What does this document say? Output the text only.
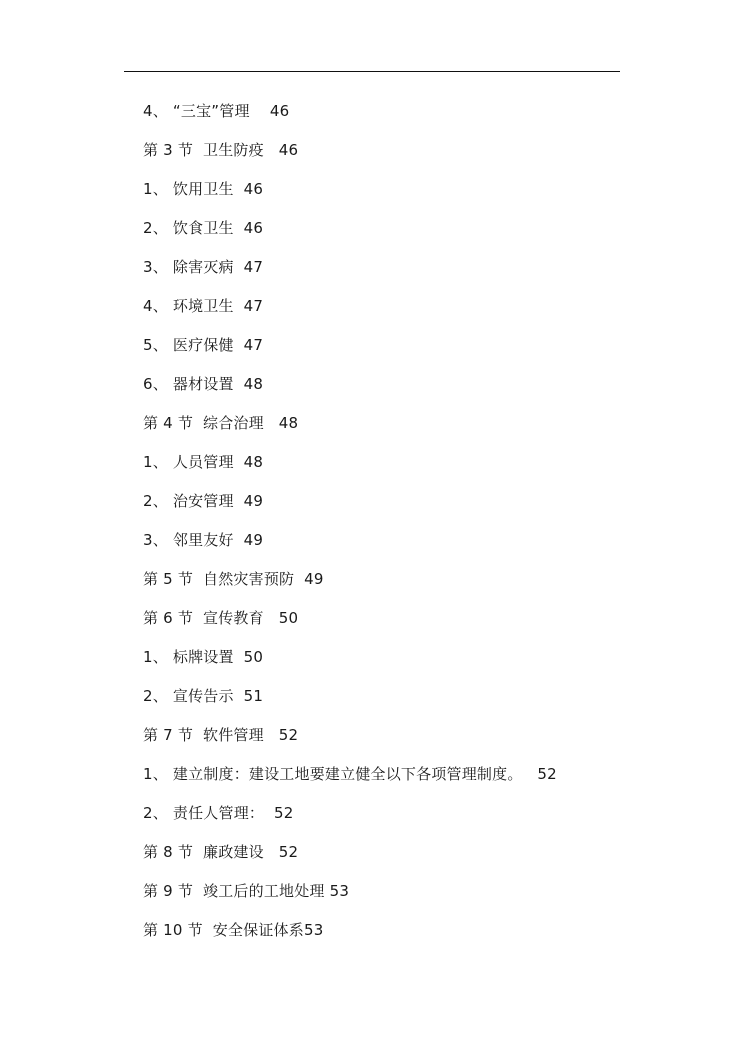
4、 “三宝”管理　 46
第 3 节  卫生防疫   46
1、 饮用卫生  46
2、 饮食卫生  46
3、 除害灭病  47
4、 环境卫生  47
5、 医疗保健  47
6、 器材设置  48
第 4 节  综合治理   48
1、 人员管理  48
2、 治安管理  49
3、 邻里友好  49
第 5 节  自然灾害预防  49
第 6 节  宣传教育   50
1、 标牌设置  50
2、 宣传告示  51
第 7 节  软件管理   52
1、 建立制度：建设工地要建立健全以下各项管理制度。   52
2、 责任人管理：  52
第 8 节  廉政建设   52
第 9 节  竣工后的工地处理 53
第 10 节  安全保证体系53
